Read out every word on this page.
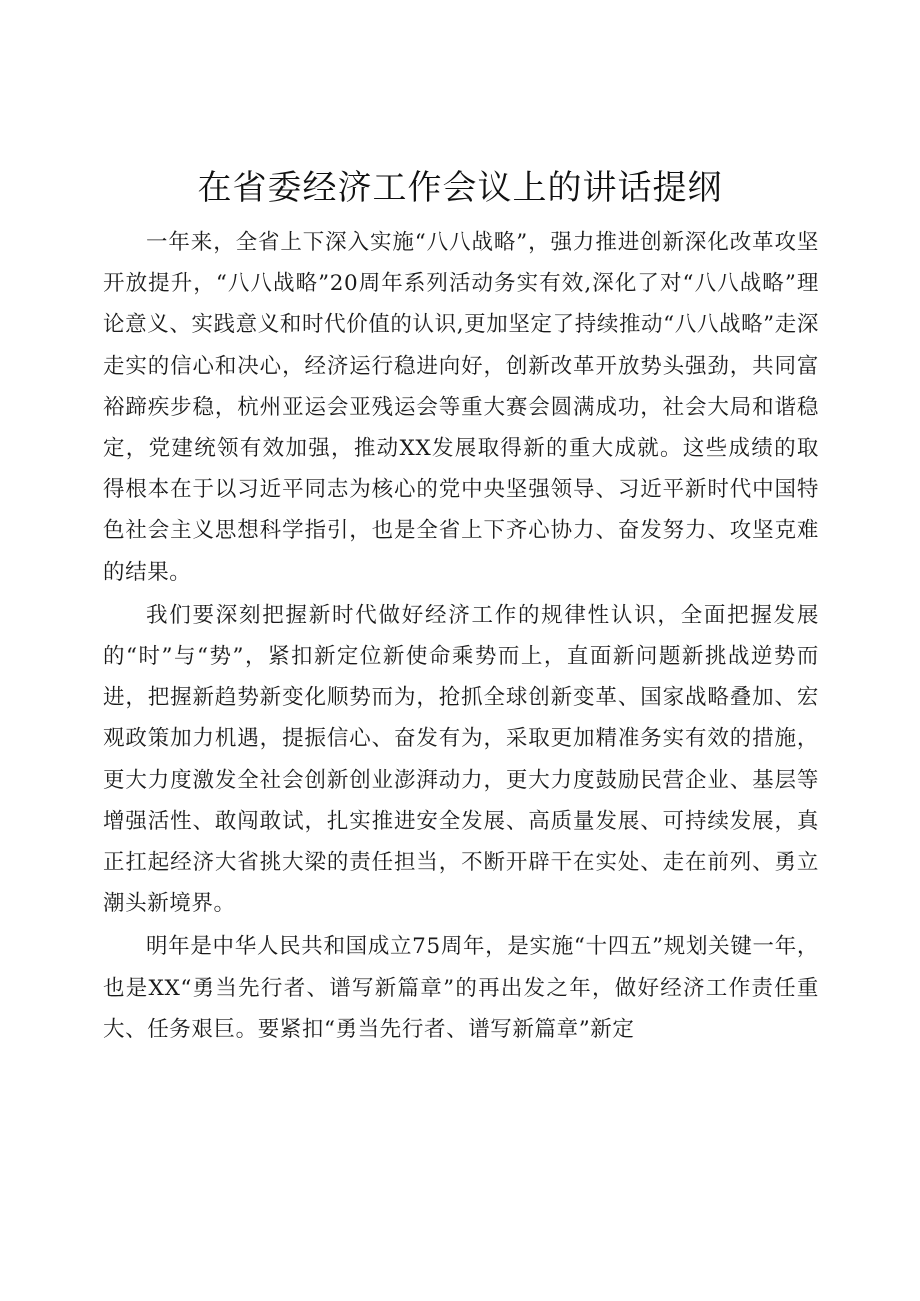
在省委经济工作会议上的讲话提纲

一年来，全省上下深入实施“八八战略”，强力推进创新深化改革攻坚开放提升，“八八战略”20周年系列活动务实有效,深化了对“八八战略”理论意义、实践意义和时代价值的认识,更加坚定了持续推动“八八战略”走深走实的信心和决心，经济运行稳进向好，创新改革开放势头强劲，共同富裕蹄疾步稳，杭州亚运会亚残运会等重大赛会圆满成功，社会大局和谐稳定，党建统领有效加强，推动XX发展取得新的重大成就。这些成绩的取得根本在于以习近平同志为核心的党中央坚强领导、习近平新时代中国特色社会主义思想科学指引，也是全省上下齐心协力、奋发努力、攻坚克难的结果。

我们要深刻把握新时代做好经济工作的规律性认识，全面把握发展的“时”与“势”，紧扣新定位新使命乘势而上，直面新问题新挑战逆势而进，把握新趋势新变化顺势而为，抢抓全球创新变革、国家战略叠加、宏观政策加力机遇，提振信心、奋发有为，采取更加精准务实有效的措施，更大力度激发全社会创新创业澎湃动力，更大力度鼓励民营企业、基层等增强活性、敢闯敢试，扎实推进安全发展、高质量发展、可持续发展，真正扛起经济大省挑大梁的责任担当，不断开辟干在实处、走在前列、勇立潮头新境界。

明年是中华人民共和国成立75周年，是实施“十四五”规划关键一年，也是XX“勇当先行者、谱写新篇章”的再出发之年，做好经济工作责任重大、任务艰巨。要紧扣“勇当先行者、谱写新篇章”新定
